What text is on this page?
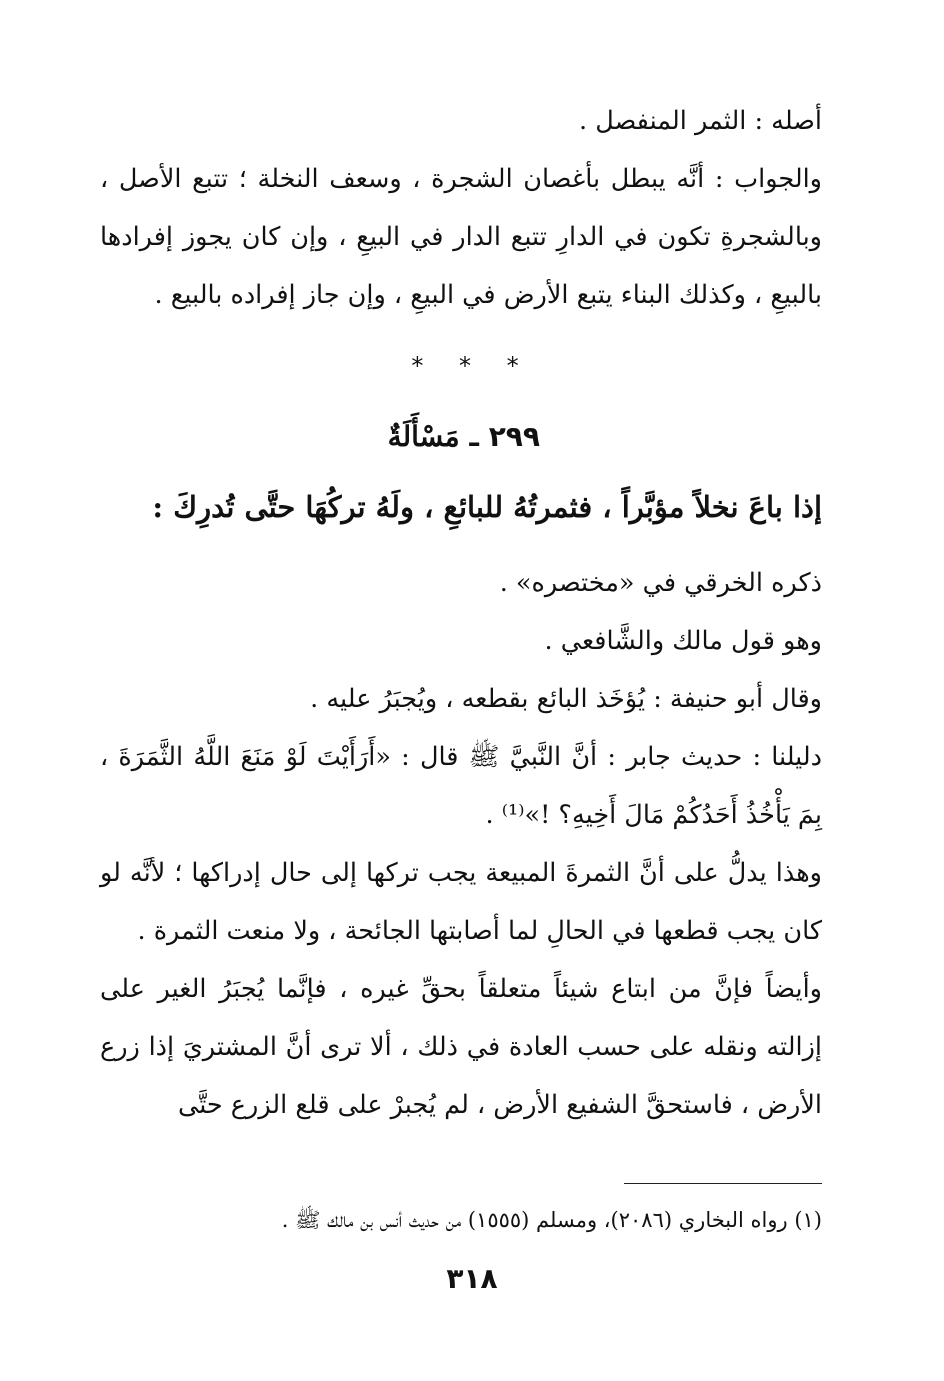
أصله : الثمر المنفصل .

والجواب : أنَّه يبطل بأغصان الشجرة ، وسعف النخلة ؛ تتبع الأصل ، وبالشجرةِ تكون في الدارِ تتبع الدار في البيعِ ، وإن كان يجوز إفرادها بالبيعِ ، وكذلك البناء يتبع الأرض في البيعِ ، وإن جاز إفراده بالبيع .

* * *
٢٩٩ ـ مَسْأَلَةٌ
إذا باعَ نخلاً مؤبَّراً ، فثمرتُهُ للبائعِ ، ولَهُ تركُهَا حتَّى تُدرِكَ :

ذكره الخرقي في «مختصره» .

وهو قول مالك والشَّافعي .

وقال أبو حنيفة : يُؤخَذ البائع بقطعه ، ويُجبَرُ عليه .

دليلنا : حديث جابر : أنَّ النَّبيَّ ﷺ قال : «أَرَأَيْتَ لَوْ مَنَعَ اللَّهُ الثَّمَرَةَ ، بِمَ يَأْخُذُ أَحَدُكُمْ مَالَ أَخِيهِ؟ !»⁽¹⁾ .

وهذا يدلُّ على أنَّ الثمرةَ المبيعة يجب تركها إلى حال إدراكها ؛ لأنَّه لو كان يجب قطعها في الحالِ لما أصابتها الجائحة ، ولا منعت الثمرة .

وأيضاً فإنَّ من ابتاع شيئاً متعلقاً بحقِّ غيره ، فإنَّما يُجبَرُ الغير على إزالته ونقله على حسب العادة في ذلك ، ألا ترى أنَّ المشتريَ إذا زرع الأرض ، فاستحقَّ الشفيع الأرض ، لم يُجبرْ على قلع الزرع حتَّى

(١) رواه البخاري (٢٠٨٦)، ومسلم (١٥٥٥) من حديث أنس بن مالك ﷺ .
٣١٨
